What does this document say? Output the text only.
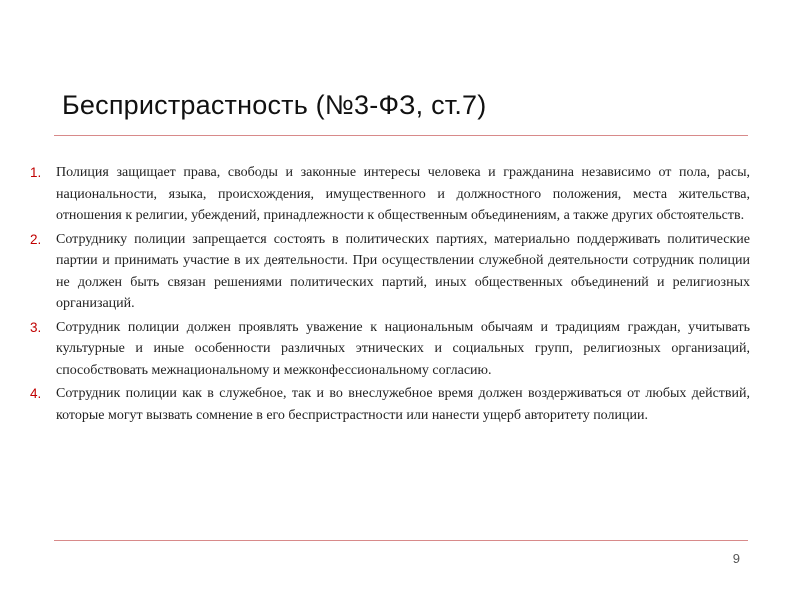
Беспристрастность (№3-ФЗ, ст.7)
1. Полиция защищает права, свободы и законные интересы человека и гражданина независимо от пола, расы, национальности, языка, происхождения, имущественного и должностного положения, места жительства, отношения к религии, убеждений, принадлежности к общественным объединениям, а также других обстоятельств.
2. Сотруднику полиции запрещается состоять в политических партиях, материально поддерживать политические партии и принимать участие в их деятельности. При осуществлении служебной деятельности сотрудник полиции не должен быть связан решениями политических партий, иных общественных объединений и религиозных организаций.
3. Сотрудник полиции должен проявлять уважение к национальным обычаям и традициям граждан, учитывать культурные и иные особенности различных этнических и социальных групп, религиозных организаций, способствовать межнациональному и межконфессиональному согласию.
4. Сотрудник полиции как в служебное, так и во внеслужебное время должен воздерживаться от любых действий, которые могут вызвать сомнение в его беспристрастности или нанести ущерб авторитету полиции.
9
